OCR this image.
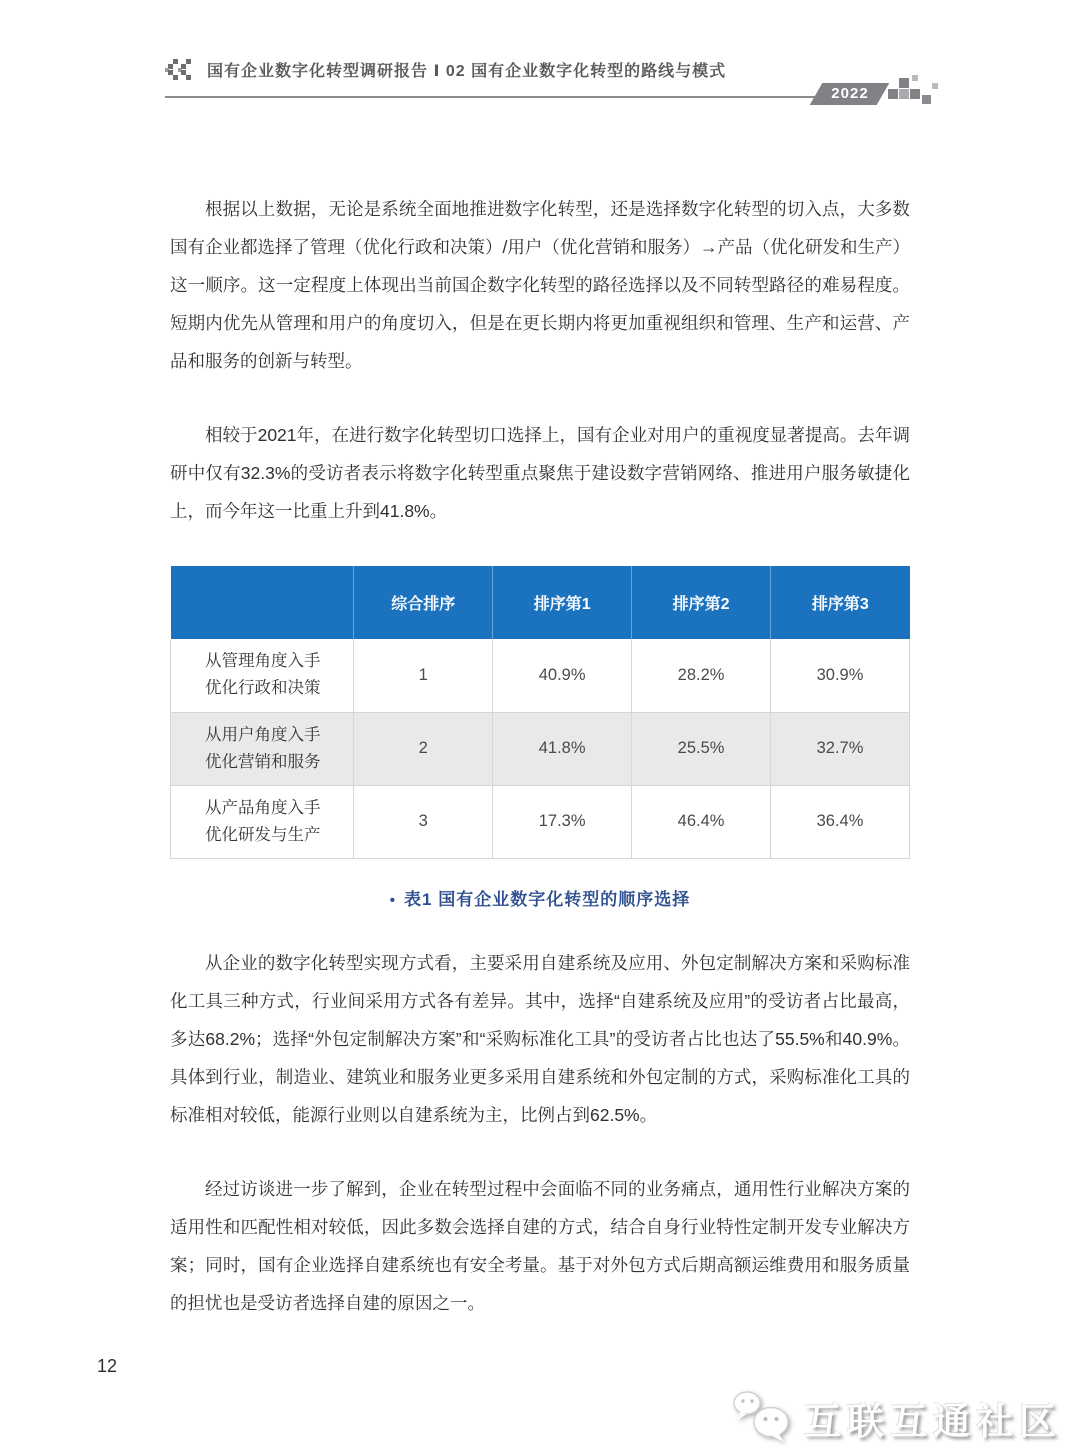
国有企业数字化转型调研报告 Ⅰ 02 国有企业数字化转型的路线与模式
2022

根据以上数据，无论是系统全面地推进数字化转型，还是选择数字化转型的切入点，大多数国有企业都选择了管理（优化行政和决策）/用户（优化营销和服务）→产品（优化研发和生产）这一顺序。这一定程度上体现出当前国企数字化转型的路径选择以及不同转型路径的难易程度。短期内优先从管理和用户的角度切入，但是在更长期内将更加重视组织和管理、生产和运营、产品和服务的创新与转型。

相较于2021年，在进行数字化转型切口选择上，国有企业对用户的重视度显著提高。去年调研中仅有32.3%的受访者表示将数字化转型重点聚焦于建设数字营销网络、推进用户服务敏捷化上，而今年这一比重上升到41.8%。

	综合排序	排序第1	排序第2	排序第3

从管理角度入手
优化行政和决策	1	40.9%	28.2%	30.9%

从用户角度入手
优化营销和服务	2	41.8%	25.5%	32.7%

从产品角度入手
优化研发与生产	3	17.3%	46.4%	36.4%
• 表1 国有企业数字化转型的顺序选择

从企业的数字化转型实现方式看，主要采用自建系统及应用、外包定制解决方案和采购标准化工具三种方式，行业间采用方式各有差异。其中，选择“自建系统及应用”的受访者占比最高，多达68.2%；选择“外包定制解决方案”和“采购标准化工具”的受访者占比也达了55.5%和40.9%。具体到行业，制造业、建筑业和服务业更多采用自建系统和外包定制的方式，采购标准化工具的标准相对较低，能源行业则以自建系统为主，比例占到62.5%。

经过访谈进一步了解到，企业在转型过程中会面临不同的业务痛点，通用性行业解决方案的适用性和匹配性相对较低，因此多数会选择自建的方式，结合自身行业特性定制开发专业解决方案；同时，国有企业选择自建系统也有安全考量。基于对外包方式后期高额运维费用和服务质量的担忧也是受访者选择自建的原因之一。

12
互联互通社区
